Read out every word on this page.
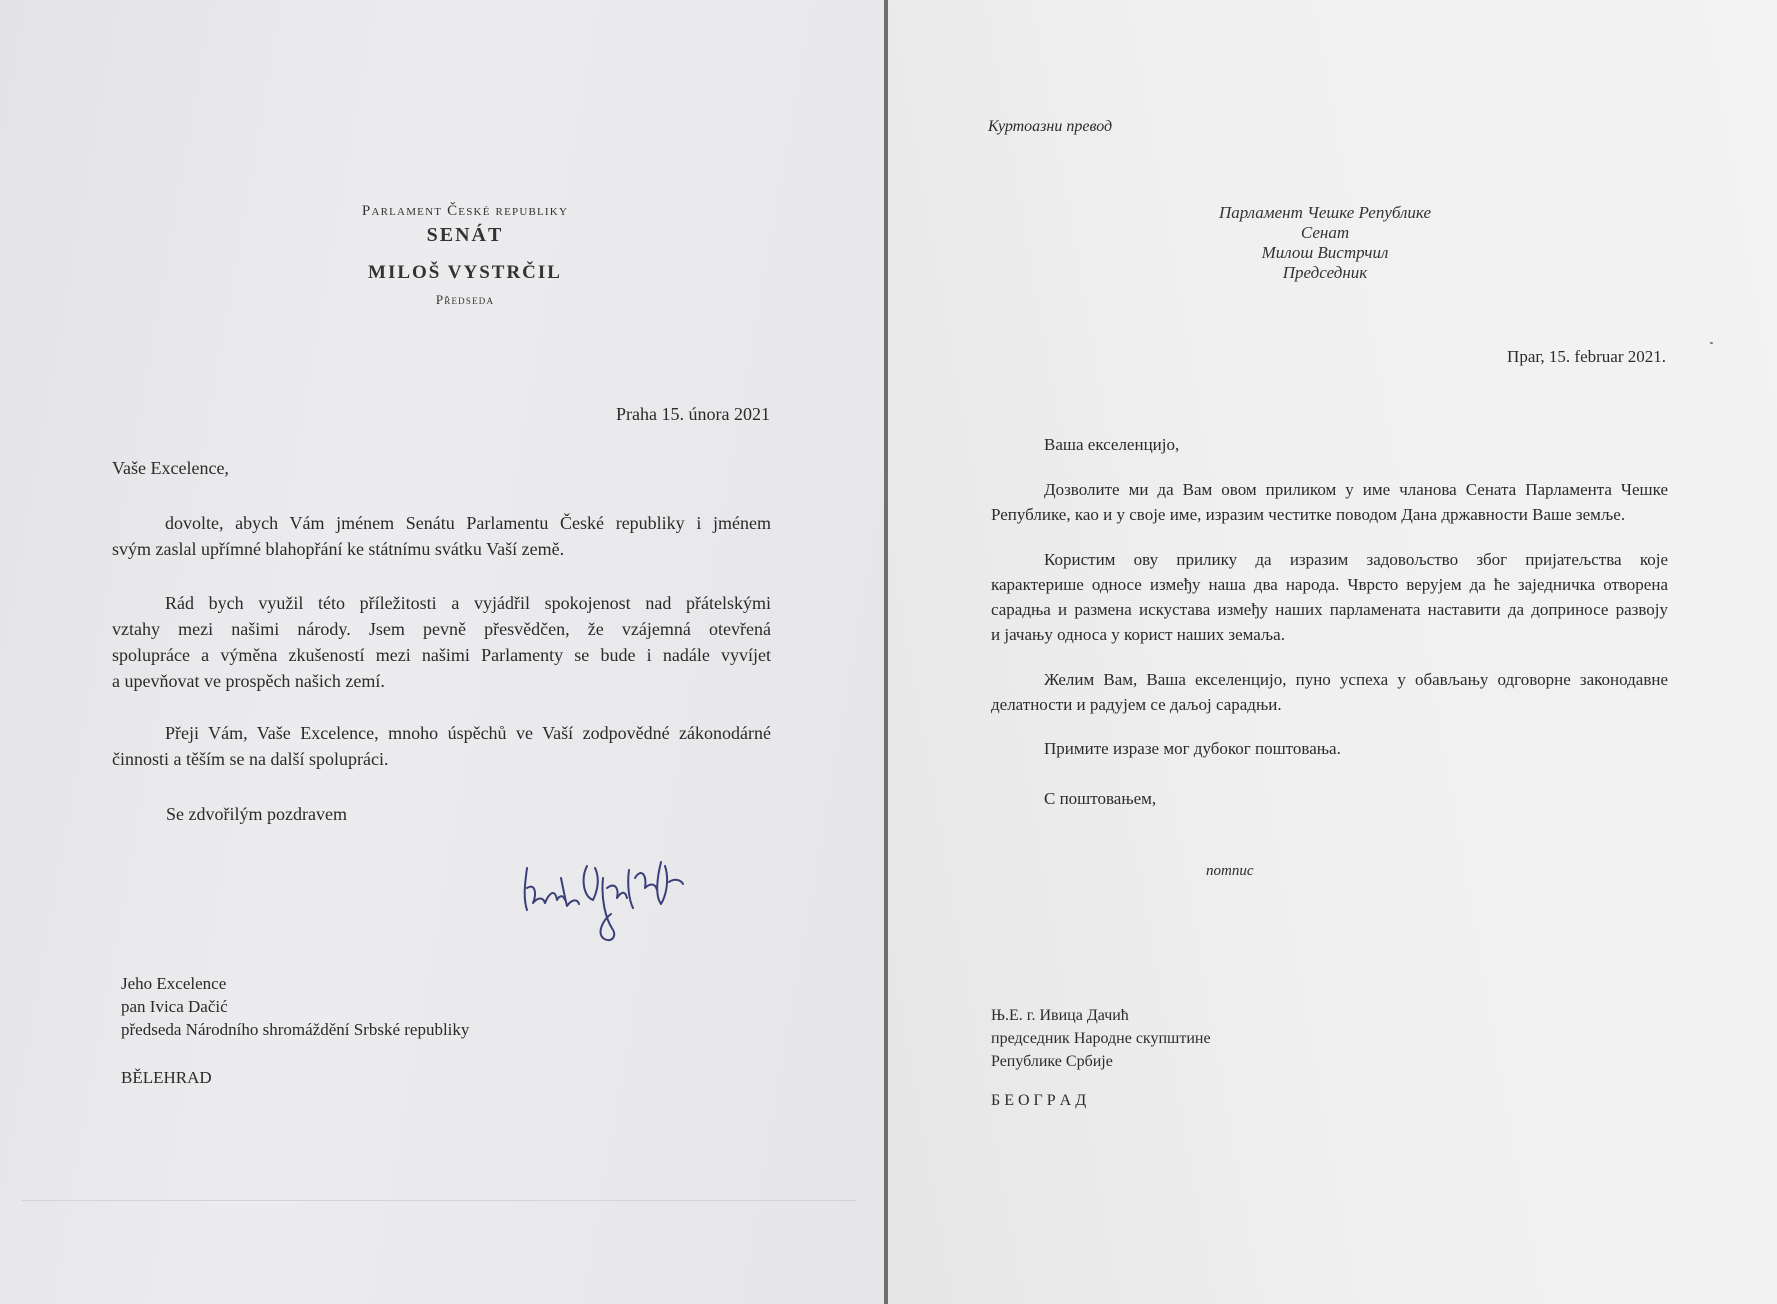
Parlament České republiky
SENÁT
MILOŠ VYSTRČIL
Předseda
Praha 15. února 2021
Vaše Excelence,
dovolte, abych Vám jménem Senátu Parlamentu České republiky i jménem
svým zaslal upřímné blahopřání ke státnímu svátku Vaší země.
Rád bych využil této příležitosti a vyjádřil spokojenost nad přátelskými
vztahy mezi našimi národy. Jsem pevně přesvědčen, že vzájemná otevřená
spolupráce a výměna zkušeností mezi našimi Parlamenty se bude i nadále vyvíjet
a upevňovat ve prospěch našich zemí.
Přeji Vám, Vaše Excelence, mnoho úspěchů ve Vaší zodpovědné zákonodárné
činnosti a těším se na další spolupráci.
Se zdvořilým pozdravem
Jeho Excelence
pan Ivica Dačić
předseda Národního shromáždění Srbské republiky
BĚLEHRAD
Куртоазни превод
Парламент Чешке Републике
Сенат
Милош Вистрчил
Председник
Праг, 15. februar 2021.
Ваша екселенцијо,
Дозволите ми да Вам овом приликом у име чланова Сената Парламента Чешке
Републике, као и у своје име, изразим честитке поводом Дана државности Ваше земље.
Користим ову прилику да изразим задовољство због пријатељства које
карактерише односе између наша два народа. Чврсто верујем да ће заједничка отворена
сарадња и размена искустава између наших парламената наставити да доприносе развоју
и јачању односа у корист наших земаља.
Желим Вам, Ваша екселенцијо, пуно успеха у обављању одговорне законодавне
делатности и радујем се даљој сарадњи.
Примите изразе мог дубоког поштовања.
С поштовањем,
потпис
Њ.Е. г. Ивица Дачић
председник Народне скупштине
Републике Србије
Б Е О Г Р А Д
